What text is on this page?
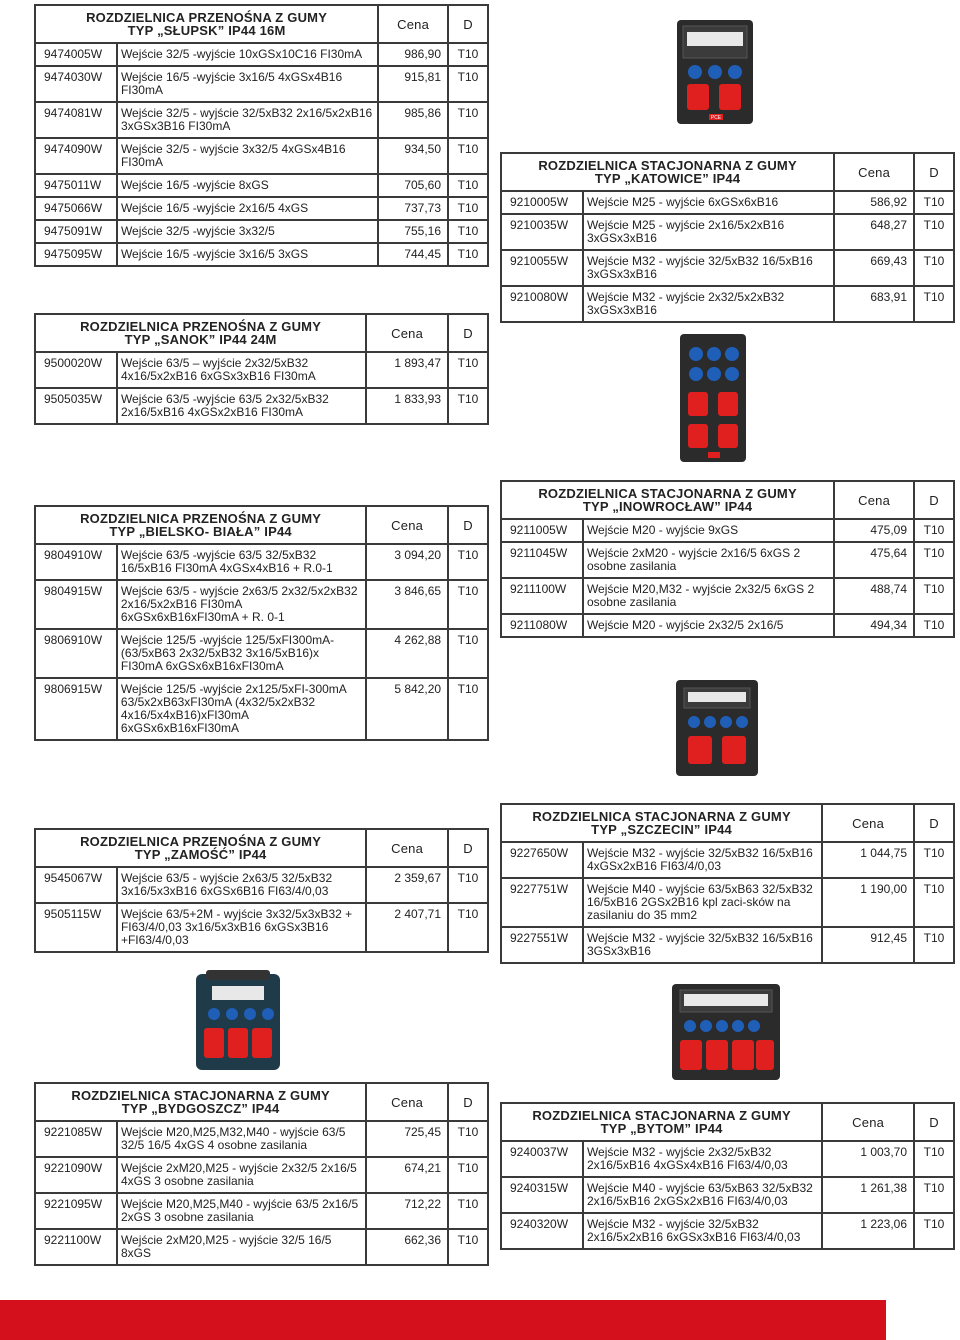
ROZDZIELNICA PRZENOŚNA Z GUMY
TYP „SŁUPSK” IP44 16M		Cena	D
9474005W	Wejście 32/5 -wyjście 10xGSx10C16 FI30mA	986,90	T10
9474030W	Wejście 16/5 -wyjście 3x16/5 4xGSx4B16 FI30mA	915,81	T10
9474081W	Wejście 32/5 - wyjście 32/5xB32 2x16/5x2xB16 3xGSx3B16 FI30mA	985,86	T10
9474090W	Wejście 32/5 - wyjście 3x32/5 4xGSx4B16 FI30mA	934,50	T10
9475011W	Wejście 16/5 -wyjście 8xGS	705,60	T10
9475066W	Wejście 16/5 -wyjście 2x16/5 4xGS	737,73	T10
9475091W	Wejście 32/5 -wyjście 3x32/5	755,16	T10
9475095W	Wejście 16/5 -wyjście 3x16/5 3xGS	744,45	T10
ROZDZIELNICA PRZENOŚNA Z GUMY
TYP „SANOK” IP44 24M		Cena	D
9500020W	Wejście 63/5 – wyjście 2x32/5xB32 4x16/5x2xB16 6xGSx3xB16 FI30mA	1 893,47	T10
9505035W	Wejście 63/5 -wyjście 63/5 2x32/5xB32 2x16/5xB16 4xGSx2xB16 FI30mA	1 833,93	T10
ROZDZIELNICA STACJONARNA Z GUMY
TYP „KATOWICE” IP44		Cena	D
9210005W	Wejście M25 - wyjście 6xGSx6xB16	586,92	T10
9210035W	Wejście M25 - wyjście 2x16/5x2xB16 3xGSx3xB16	648,27	T10
9210055W	Wejście M32 - wyjście 32/5xB32 16/5xB16 3xGSx3xB16	669,43	T10
9210080W	Wejście M32 - wyjście 2x32/5x2xB32 3xGSx3xB16	683,91	T10
ROZDZIELNICA PRZENOŚNA Z GUMY
TYP „BIELSKO- BIAŁA” IP44		Cena	D
9804910W	Wejście 63/5 -wyjście 63/5 32/5xB32 16/5xB16 FI30mA 4xGSx4xB16 + R.0-1	3 094,20	T10
9804915W	Wejście 63/5 - wyjście 2x63/5 2x32/5x2xB32 2x16/5x2xB16 FI30mA 6xGSx6xB16xFI30mA + R. 0-1	3 846,65	T10
9806910W	Wejście 125/5 -wyjście 125/5xFI300mA-(63/5xB63 2x32/5xB32 3x16/5xB16)x FI30mA 6xGSx6xB16xFI30mA	4 262,88	T10
9806915W	Wejście 125/5 -wyjście 2x125/5xFI-300mA 63/5x2xB63xFI30mA (4x32/5x2xB32 4x16/5x4xB16)xFI30mA 6xGSx6xB16xFI30mA	5 842,20	T10
ROZDZIELNICA STACJONARNA Z GUMY
TYP „INOWROCŁAW” IP44		Cena	D
9211005W	Wejście M20 - wyjście 9xGS	475,09	T10
9211045W	Wejście 2xM20 - wyjście 2x16/5 6xGS 2 osobne zasilania	475,64	T10
9211100W	Wejście M20,M32 - wyjście 2x32/5 6xGS 2 osobne zasilania	488,74	T10
9211080W	Wejście M20 - wyjście 2x32/5 2x16/5	494,34	T10
ROZDZIELNICA PRZENOŚNA Z GUMY
TYP „ZAMOŚĆ” IP44		Cena	D
9545067W	Wejście 63/5 - wyjście 2x63/5 32/5xB32 3x16/5x3xB16 6xGSx6B16 FI63/4/0,03	2 359,67	T10
9505115W	Wejście 63/5+2M - wyjście 3x32/5x3xB32 + FI63/4/0,03 3x16/5x3xB16 6xGSx3B16 +FI63/4/0,03	2 407,71	T10
ROZDZIELNICA STACJONARNA Z GUMY
TYP „SZCZECIN” IP44		Cena	D
9227650W	Wejście M32 - wyjście 32/5xB32 16/5xB16 4xGSx2xB16 FI63/4/0,03	1 044,75	T10
9227751W	Wejście M40 - wyjście 63/5xB63 32/5xB32 16/5xB16 2GSx2B16 kpl zaci-sków na zasilaniu do 35 mm2	1 190,00	T10
9227551W	Wejście M32 - wyjście 32/5xB32 16/5xB16 3GSx3xB16	912,45	T10
ROZDZIELNICA STACJONARNA Z GUMY
TYP „BYDGOSZCZ” IP44		Cena	D
9221085W	Wejście M20,M25,M32,M40 - wyjście 63/5 32/5 16/5 4xGS 4 osobne zasilania	725,45	T10
9221090W	Wejście 2xM20,M25 - wyjście 2x32/5 2x16/5 4xGS 3 osobne zasilania	674,21	T10
9221095W	Wejście M20,M25,M40 - wyjście 63/5 2x16/5 2xGS 3 osobne zasilania	712,22	T10
9221100W	Wejście 2xM20,M25 - wyjście 32/5 16/5 8xGS	662,36	T10
ROZDZIELNICA STACJONARNA Z GUMY
TYP „BYTOM” IP44		Cena	D
9240037W	Wejście M32 - wyjście 2x32/5xB32 2x16/5xB16 4xGSx4xB16 FI63/4/0,03	1 003,70	T10
9240315W	Wejście M40 - wyjście 63/5xB63 32/5xB32 2x16/5xB16 2xGSx2xB16 FI63/4/0,03	1 261,38	T10
9240320W	Wejście M32 - wyjście 32/5xB32 2x16/5x2xB16 6xGSx3xB16 FI63/4/0,03	1 223,06	T10
PCE
